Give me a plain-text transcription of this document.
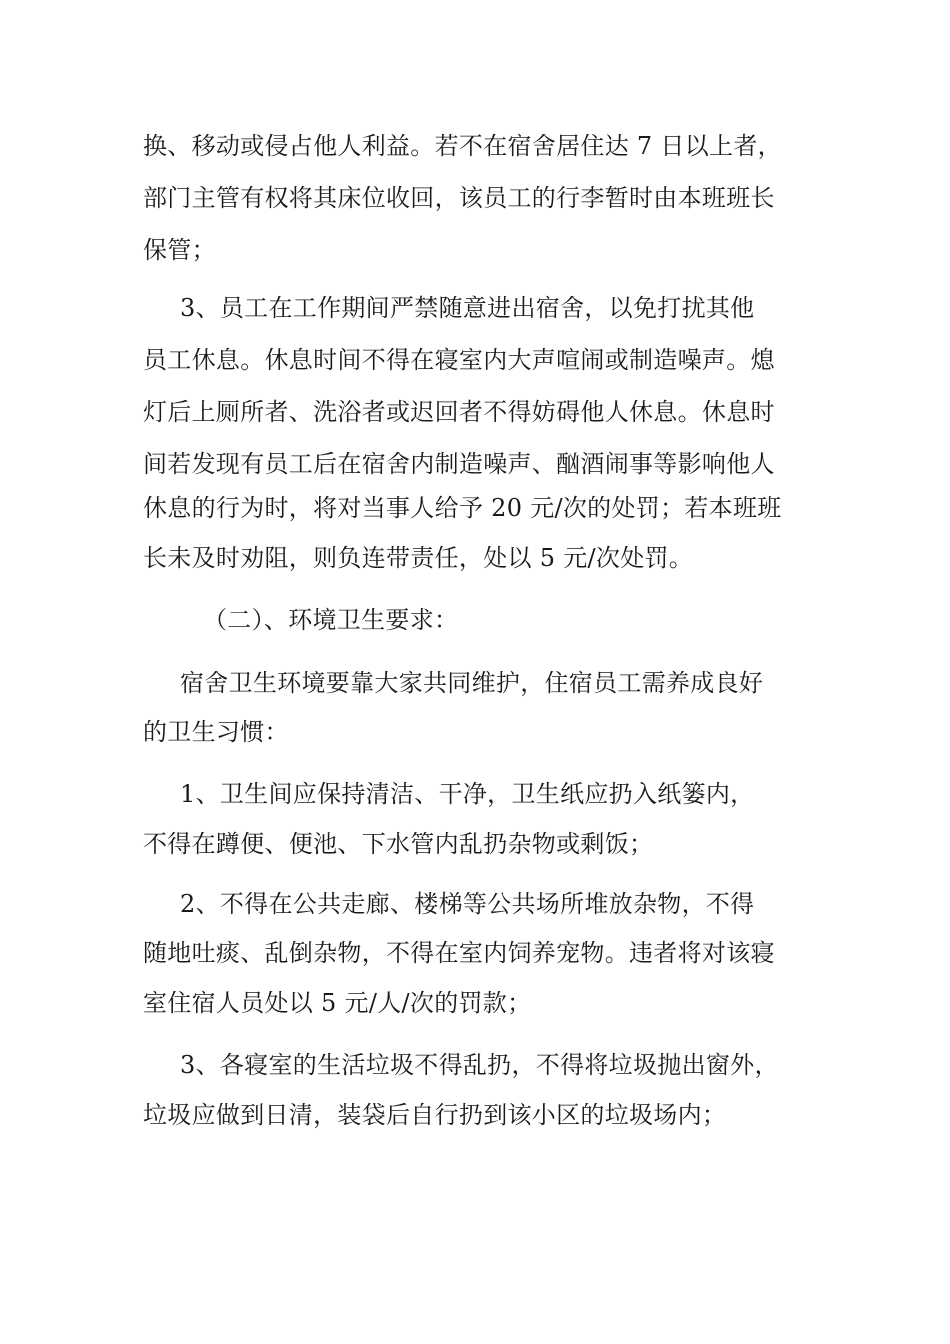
换、移动或侵占他人利益。若不在宿舍居住达 7 日以上者，
部门主管有权将其床位收回，该员工的行李暂时由本班班长
保管；
3、员工在工作期间严禁随意进出宿舍，以免打扰其他
员工休息。休息时间不得在寝室内大声喧闹或制造噪声。熄
灯后上厕所者、洗浴者或迟回者不得妨碍他人休息。休息时
间若发现有员工后在宿舍内制造噪声、酗酒闹事等影响他人
休息的行为时，将对当事人给予 20 元/次的处罚；若本班班
长未及时劝阻，则负连带责任，处以 5 元/次处罚。
（二）、环境卫生要求：
宿舍卫生环境要靠大家共同维护，住宿员工需养成良好
的卫生习惯：
1、卫生间应保持清洁、干净，卫生纸应扔入纸篓内，
不得在蹲便、便池、下水管内乱扔杂物或剩饭；
2、不得在公共走廊、楼梯等公共场所堆放杂物，不得
随地吐痰、乱倒杂物，不得在室内饲养宠物。违者将对该寝
室住宿人员处以 5 元/人/次的罚款；
3、各寝室的生活垃圾不得乱扔，不得将垃圾抛出窗外，
垃圾应做到日清，装袋后自行扔到该小区的垃圾场内；
